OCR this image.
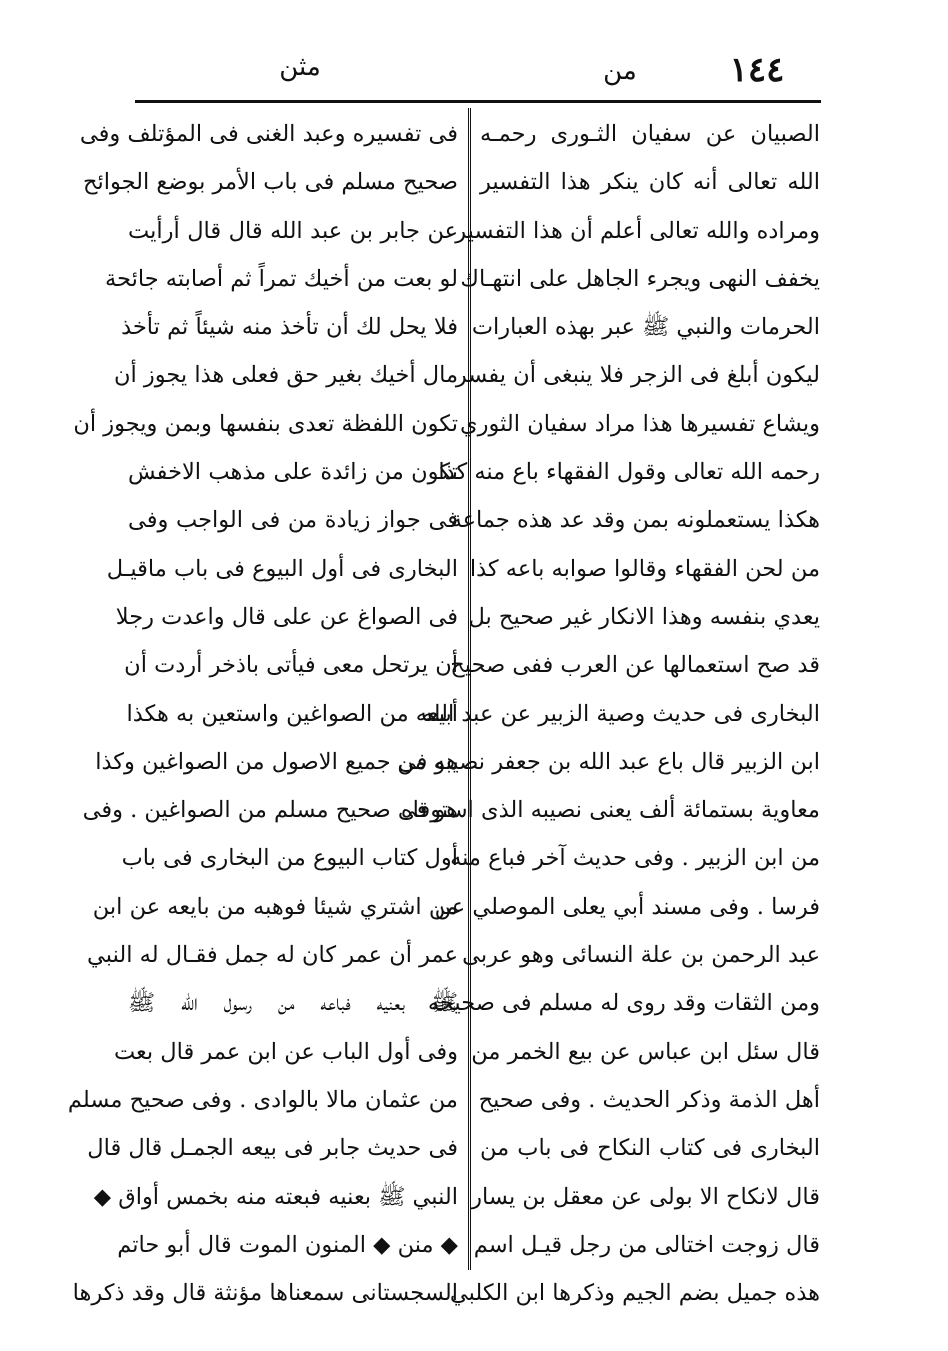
مثن	من	١٤٤
الصبيان عن سفيان الثـورى رحمـه
الله تعالى أنه كان ينكر هذا التفسير
ومراده والله تعالى أعلم أن هذا التفسير
يخفف النهى ويجرء الجاهل على انتهـاك
الحرمات والنبي ﷺ عبر بهذه العبارات
ليكون أبلغ فى الزجر فلا ينبغى أن يفسر
ويشاع تفسيرها هذا مراد سفيان الثوري
رحمه الله تعالى وقول الفقهاء باع منه كذا
هكذا يستعملونه بمن وقد عد هذه جماعة
من لحن الفقهاء وقالوا صوابه باعه كذا
يعدي بنفسه وهذا الانكار غير صحيح بل
قد صح استعمالها عن العرب ففى صحيح
البخارى فى حديث وصية الزبير عن عبد الله
ابن الزبير قال باع عبد الله بن جعفر نصيبه من
معاوية بستمائة ألف يعنى نصيبه الذى استوفاه
من ابن الزبير . وفى حديث آخر فباع منه
فرسا . وفى مسند أبي يعلى الموصلي عن
عبد الرحمن بن علة النسائى وهو عربى
ومن الثقات وقد روى له مسلم فى صحيحه
قال سئل ابن عباس عن بيع الخمر من
أهل الذمة وذكر الحديث . وفى صحيح
البخارى فى كتاب النكاح فى باب من
قال لانكاح الا بولى عن معقل بن يسار
قال زوجت اختالى من رجل قيـل اسم
هذه جميل بضم الجيم وذكرها ابن الكلبي
فى تفسيره وعبد الغنى فى المؤتلف وفى
صحيح مسلم فى باب الأمر بوضع الجوائح
عن جابر بن عبد الله قال قال أرأيت
لو بعت من أخيك تمراً ثم أصابته جائحة
فلا يحل لك أن تأخذ منه شيئاً ثم تأخذ
مال أخيك بغير حق فعلى هذا يجوز أن
تكون اللفظة تعدى بنفسها وبمن ويجوز أن
تكون من زائدة على مذهب الاخفش
فى جواز زيادة من فى الواجب وفى
البخارى فى أول البيوع فى باب ماقيـل
فى الصواغ عن على قال واعدت رجلا
أن يرتحل معى فيأتى باذخر أردت أن
أبيعه من الصواغين واستعين به هكذا
هو فى جميع الاصول من الصواغين وكذا
هو فى صحيح مسلم من الصواغين . وفى
أول كتاب البيوع من البخارى فى باب
من اشتري شيئا فوهبه من بايعه عن ابن
عمر أن عمر كان له جمل فقـال له النبي
ﷺ بعنيه فباعه من رسول الله ﷺ
وفى أول الباب عن ابن عمر قال بعت
من عثمان مالا بالوادى . وفى صحيح مسلم
فى حديث جابر فى بيعه الجمـل قال قال
النبي ﷺ بعنيه فبعته منه بخمس أواق ◆
◆ منن ◆ المنون الموت قال أبو حاتم
السجستانى سمعناها مؤنثة قال وقد ذكرها
